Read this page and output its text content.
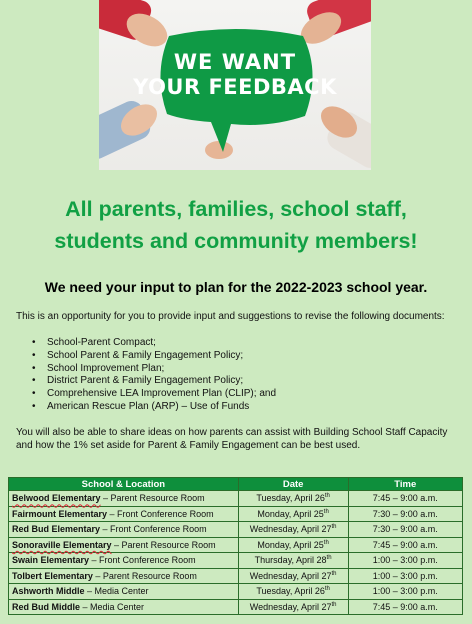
WE WANT
YOUR FEEDBACK
All parents, families, school staff,
students and community members!
We need your input to plan for the 2022-2023 school year.
This is an opportunity for you to provide input and suggestions to revise the following documents:
• School-Parent Compact;
• School Parent & Family Engagement Policy;
• School Improvement Plan;
• District Parent & Family Engagement Policy;
• Comprehensive LEA Improvement Plan (CLIP); and
• American Rescue Plan (ARP) – Use of Funds
You will also be able to share ideas on how parents can assist with Building School Staff Capacity and how the 1% set aside for Parent & Family Engagement can be best used.
School & Location	Date	Time
Belwood Elementary – Parent Resource Room	Tuesday, April 26th	7:45 – 9:00 a.m.
Fairmount Elementary – Front Conference Room	Monday, April 25th	7:30 – 9:00 a.m.
Red Bud Elementary – Front Conference Room	Wednesday, April 27th	7:30 – 9:00 a.m.
Sonoraville Elementary – Parent Resource Room	Monday, April 25th	7:45 – 9:00 a.m.
Swain Elementary – Front Conference Room	Thursday, April 28th	1:00 – 3:00 p.m.
Tolbert Elementary – Parent Resource Room	Wednesday, April 27th	1:00 – 3:00 p.m.
Ashworth Middle – Media Center	Tuesday, April 26th	1:00 – 3:00 p.m.
Red Bud Middle – Media Center	Wednesday, April 27th	7:45 – 9:00 a.m.
